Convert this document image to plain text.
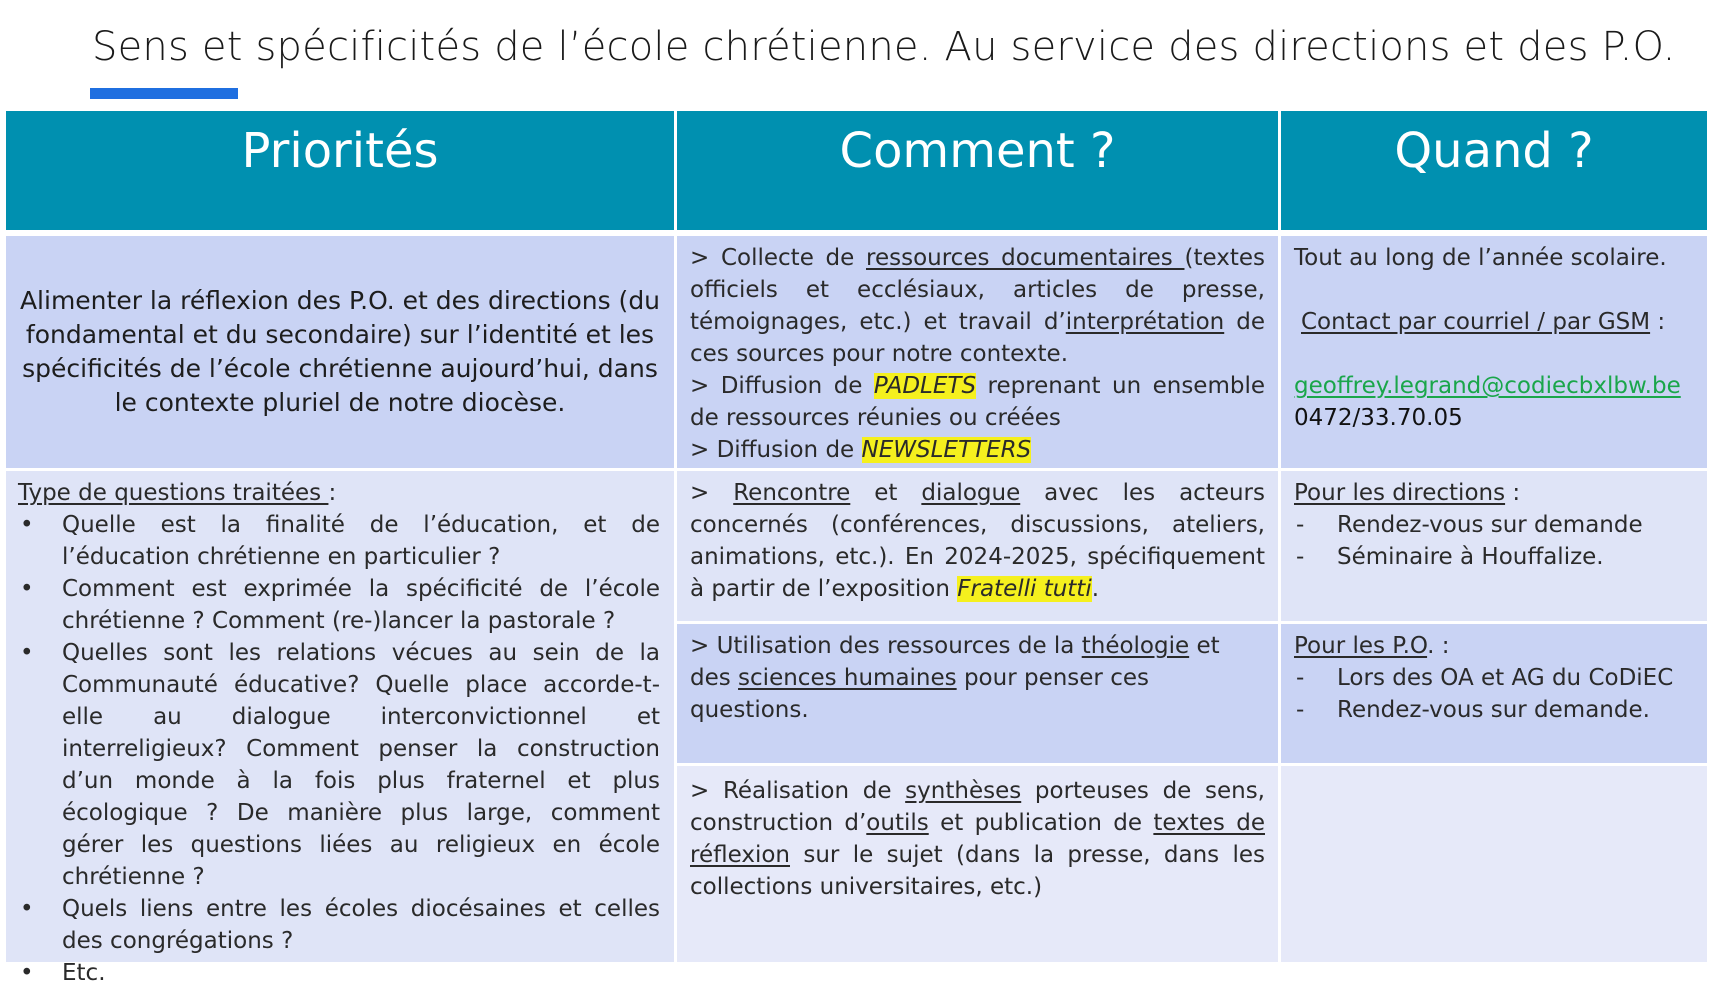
Sens et spécificités de l’école chrétienne. Au service des directions et des P.O.
Priorités	Comment ?	Quand ?
Alimenter la réflexion des P.O. et des directions (du fondamental et du secondaire) sur l’identité et les spécificités de l’école chrétienne aujourd’hui, dans le contexte pluriel de notre diocèse.
> Collecte de ressources documentaires (textes officiels et ecclésiaux, articles de presse, témoignages, etc.) et travail d’interprétation de ces sources pour notre contexte.
> Diffusion de PADLETS reprenant un ensemble de ressources réunies ou créées
> Diffusion de NEWSLETTERS
Tout au long de l’année scolaire.
Contact par courriel / par GSM :
geoffrey.legrand@codiecbxlbw.be
0472/33.70.05
Type de questions traitées :
• Quelle est la finalité de l’éducation, et de l’éducation chrétienne en particulier ?
• Comment est exprimée la spécificité de l’école chrétienne ? Comment (re-)lancer la pastorale ?
• Quelles sont les relations vécues au sein de la Communauté éducative? Quelle place accorde-t-elle au dialogue interconvictionnel et interreligieux? Comment penser la construction d’un monde à la fois plus fraternel et plus écologique ? De manière plus large, comment gérer les questions liées au religieux en école chrétienne ?
• Quels liens entre les écoles diocésaines et celles des congrégations ?
• Etc.
> Rencontre et dialogue avec les acteurs concernés (conférences, discussions, ateliers, animations, etc.). En 2024-2025, spécifiquement à partir de l’exposition Fratelli tutti.
Pour les directions :
- Rendez-vous sur demande
- Séminaire à Houffalize.
> Utilisation des ressources de la théologie et des sciences humaines pour penser ces questions.
Pour les P.O. :
- Lors des OA et AG du CoDiEC
- Rendez-vous sur demande.
> Réalisation de synthèses porteuses de sens, construction d’outils et publication de textes de réflexion sur le sujet (dans la presse, dans les collections universitaires, etc.)
